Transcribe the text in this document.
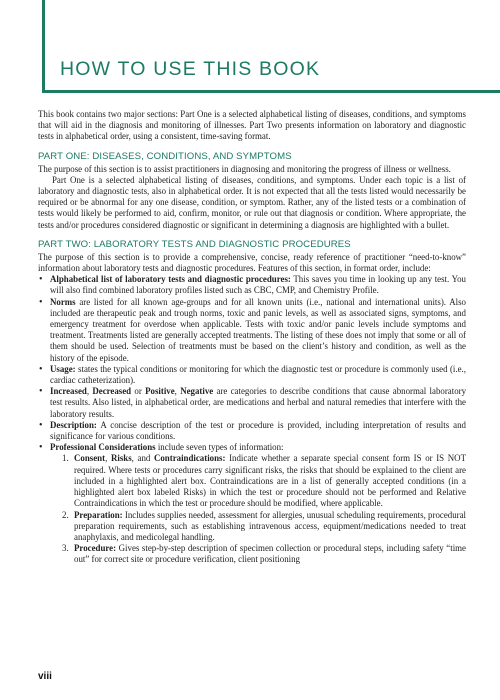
HOW TO USE THIS BOOK

This book contains two major sections: Part One is a selected alphabetical listing of diseases, conditions, and symptoms that will aid in the diagnosis and monitoring of illnesses. Part Two presents information on laboratory and diagnostic tests in alphabetical order, using a consistent, time-saving format.

PART ONE: DISEASES, CONDITIONS, AND SYMPTOMS

The purpose of this section is to assist practitioners in diagnosing and monitoring the progress of illness or wellness.

Part One is a selected alphabetical listing of diseases, conditions, and symptoms. Under each topic is a list of laboratory and diagnostic tests, also in alphabetical order. It is not expected that all the tests listed would necessarily be required or be abnormal for any one disease, condition, or symptom. Rather, any of the listed tests or a combination of tests would likely be performed to aid, confirm, monitor, or rule out that diagnosis or condition. Where appropriate, the tests and/or procedures considered diagnostic or significant in determining a diagnosis are highlighted with a bullet.

PART TWO: LABORATORY TESTS AND DIAGNOSTIC PROCEDURES

The purpose of this section is to provide a comprehensive, concise, ready reference of practitioner “need-to-know” information about laboratory tests and diagnostic procedures. Features of this section, in format order, include:

• Alphabetical list of laboratory tests and diagnostic procedures: This saves you time in looking up any test. You will also find combined laboratory profiles listed such as CBC, CMP, and Chemistry Profile.
• Norms are listed for all known age-groups and for all known units (i.e., national and international units). Also included are therapeutic peak and trough norms, toxic and panic levels, as well as associated signs, symptoms, and emergency treatment for overdose when applicable. Tests with toxic and/or panic levels include symptoms and treatment. Treatments listed are generally accepted treatments. The listing of these does not imply that some or all of them should be used. Selection of treatments must be based on the client’s history and condition, as well as the history of the episode.
• Usage: states the typical conditions or monitoring for which the diagnostic test or procedure is commonly used (i.e., cardiac catheterization).
• Increased, Decreased or Positive, Negative are categories to describe conditions that cause abnormal laboratory test results. Also listed, in alphabetical order, are medications and herbal and natural remedies that interfere with the laboratory results.
• Description: A concise description of the test or procedure is provided, including interpretation of results and significance for various conditions.
• Professional Considerations include seven types of information:
1. Consent, Risks, and Contraindications: Indicate whether a separate special consent form IS or IS NOT required. Where tests or procedures carry significant risks, the risks that should be explained to the client are included in a highlighted alert box. Contraindications are in a list of generally accepted conditions (in a highlighted alert box labeled Risks) in which the test or procedure should not be performed and Relative Contraindications in which the test or procedure should be modified, where applicable.
2. Preparation: Includes supplies needed, assessment for allergies, unusual scheduling requirements, procedural preparation requirements, such as establishing intravenous access, equipment/medications needed to treat anaphylaxis, and medicolegal handling.
3. Procedure: Gives step-by-step description of specimen collection or procedural steps, including safety “time out” for correct site or procedure verification, client positioning
viii
